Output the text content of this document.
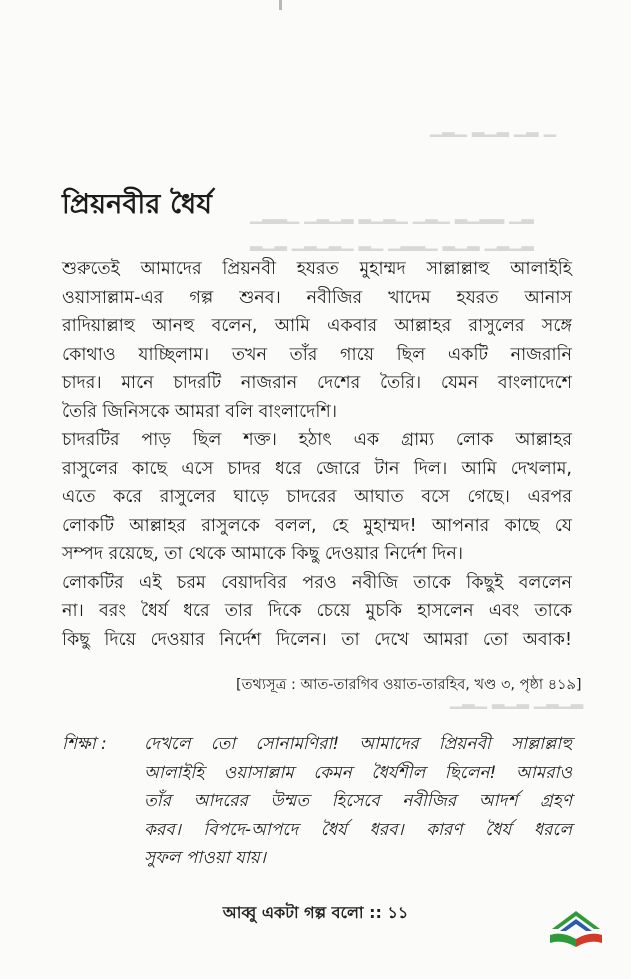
▁▂▁ ▂▁▂ ▁▂ ▁
▁▂▂▁ ▁▂▁▂ ▂▁▂▁ ▁▂▁ ▂▁▂▂ ▁▂
▂▁▂ ▁▂▁▂▁ ▂▁ ▁▂▂▁ ▂▁▂ ▁▂▁▂
▁▂▁ ▂▁▂ ▁▂▁▂
প্রিয়নবীর ধৈর্য
শুরুতেই আমাদের প্রিয়নবী হযরত মুহাম্মদ সাল্লাল্লাহু আলাইহি
ওয়াসাল্লাম-এর গল্প শুনব। নবীজির খাদেম হযরত আনাস
রাদিয়াল্লাহু আনহু বলেন, আমি একবার আল্লাহর রাসুলের সঙ্গে
কোথাও যাচ্ছিলাম। তখন তাঁর গায়ে ছিল একটি নাজরানি
চাদর। মানে চাদরটি নাজরান দেশের তৈরি। যেমন বাংলাদেশে
তৈরি জিনিসকে আমরা বলি বাংলাদেশি।
চাদরটির পাড় ছিল শক্ত। হঠাৎ এক গ্রাম্য লোক আল্লাহর
রাসুলের কাছে এসে চাদর ধরে জোরে টান দিল। আমি দেখলাম,
এতে করে রাসুলের ঘাড়ে চাদরের আঘাত বসে গেছে। এরপর
লোকটি আল্লাহর রাসুলকে বলল, হে মুহাম্মদ! আপনার কাছে যে
সম্পদ রয়েছে, তা থেকে আমাকে কিছু দেওয়ার নির্দেশ দিন।
লোকটির এই চরম বেয়াদবির পরও নবীজি তাকে কিছুই বললেন
না। বরং ধৈর্য ধরে তার দিকে চেয়ে মুচকি হাসলেন এবং তাকে
কিছু দিয়ে দেওয়ার নির্দেশ দিলেন। তা দেখে আমরা তো অবাক!
[তথ্যসূত্র : আত-তারগিব ওয়াত-তারহিব, খণ্ড ৩, পৃষ্ঠা ৪১৯]
শিক্ষা :	দেখলে তো সোনামণিরা! আমাদের প্রিয়নবী সাল্লাল্লাহু
আলাইহি ওয়াসাল্লাম কেমন ধৈর্যশীল ছিলেন! আমরাও
তাঁর আদরের উম্মত হিসেবে নবীজির আদর্শ গ্রহণ
করব। বিপদে-আপদে ধৈর্য ধরব। কারণ ধৈর্য ধরলে
সুফল পাওয়া যায়।
আব্বু একটা গল্প বলো :: ১১
